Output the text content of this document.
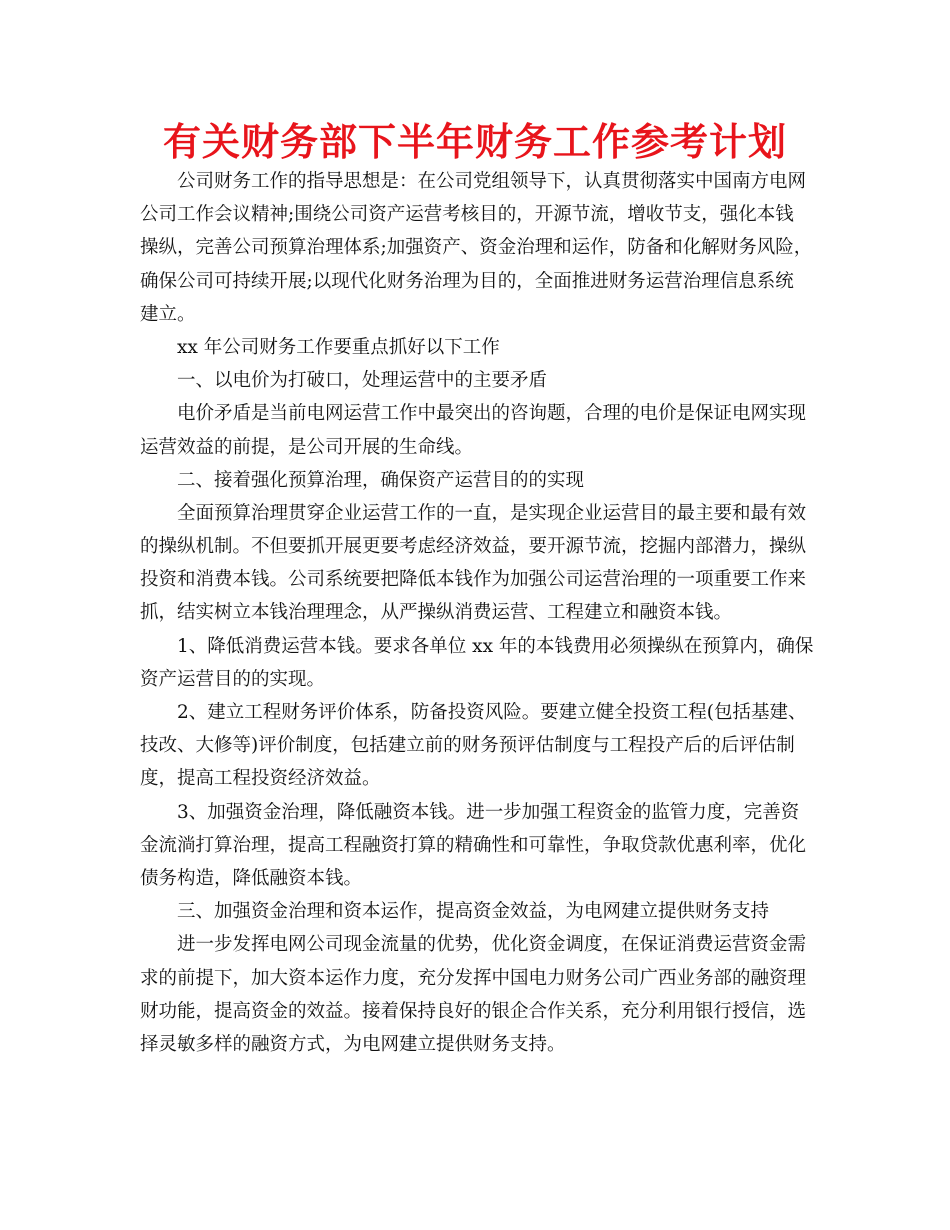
有关财务部下半年财务工作参考计划
公司财务工作的指导思想是：在公司党组领导下，认真贯彻落实中国南方电网
公司工作会议精神;围绕公司资产运营考核目的，开源节流，增收节支，强化本钱
操纵，完善公司预算治理体系;加强资产、资金治理和运作，防备和化解财务风险，
确保公司可持续开展;以现代化财务治理为目的，全面推进财务运营治理信息系统
建立。
xx 年公司财务工作要重点抓好以下工作
一、以电价为打破口，处理运营中的主要矛盾
电价矛盾是当前电网运营工作中最突出的咨询题，合理的电价是保证电网实现
运营效益的前提，是公司开展的生命线。
二、接着强化预算治理，确保资产运营目的的实现
全面预算治理贯穿企业运营工作的一直，是实现企业运营目的最主要和最有效
的操纵机制。不但要抓开展更要考虑经济效益，要开源节流，挖掘内部潜力，操纵
投资和消费本钱。公司系统要把降低本钱作为加强公司运营治理的一项重要工作来
抓，结实树立本钱治理理念，从严操纵消费运营、工程建立和融资本钱。
1、降低消费运营本钱。要求各单位 xx 年的本钱费用必须操纵在预算内，确保
资产运营目的的实现。
2、建立工程财务评价体系，防备投资风险。要建立健全投资工程(包括基建、
技改、大修等)评价制度，包括建立前的财务预评估制度与工程投产后的后评估制
度，提高工程投资经济效益。
3、加强资金治理，降低融资本钱。进一步加强工程资金的监管力度，完善资
金流淌打算治理，提高工程融资打算的精确性和可靠性，争取贷款优惠利率，优化
债务构造，降低融资本钱。
三、加强资金治理和资本运作，提高资金效益，为电网建立提供财务支持
进一步发挥电网公司现金流量的优势，优化资金调度，在保证消费运营资金需
求的前提下，加大资本运作力度，充分发挥中国电力财务公司广西业务部的融资理
财功能，提高资金的效益。接着保持良好的银企合作关系，充分利用银行授信，选
择灵敏多样的融资方式，为电网建立提供财务支持。
